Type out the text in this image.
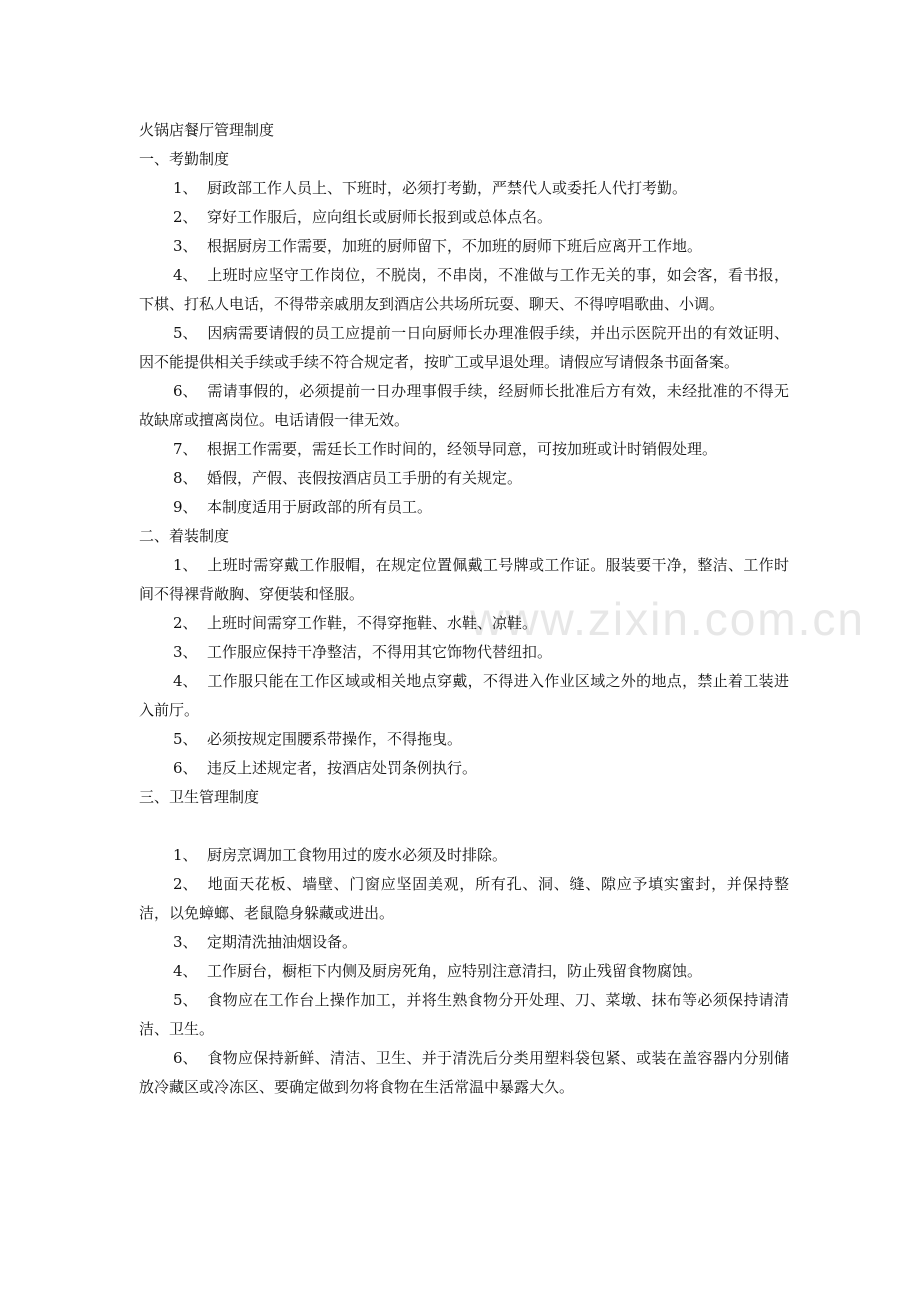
www.zixin.com.cn

火锅店餐厅管理制度

一、考勤制度

1、 厨政部工作人员上、下班时，必须打考勤，严禁代人或委托人代打考勤。

2、 穿好工作服后，应向组长或厨师长报到或总体点名。

3、 根据厨房工作需要，加班的厨师留下，不加班的厨师下班后应离开工作地。

4、 上班时应坚守工作岗位，不脱岗，不串岗，不准做与工作无关的事，如会客，看书报，下棋、打私人电话，不得带亲戚朋友到酒店公共场所玩耍、聊天、不得哼唱歌曲、小调。

5、 因病需要请假的员工应提前一日向厨师长办理准假手续，并出示医院开出的有效证明、因不能提供相关手续或手续不符合规定者，按旷工或早退处理。请假应写请假条书面备案。

6、 需请事假的，必须提前一日办理事假手续，经厨师长批准后方有效，未经批准的不得无故缺席或擅离岗位。电话请假一律无效。

7、 根据工作需要，需廷长工作时间的，经领导同意，可按加班或计时销假处理。

8、 婚假，产假、丧假按酒店员工手册的有关规定。

9、 本制度适用于厨政部的所有员工。

二、着装制度

1、 上班时需穿戴工作服帽，在规定位置佩戴工号牌或工作证。服装要干净，整洁、工作时间不得裸背敞胸、穿便装和怪服。

2、 上班时间需穿工作鞋，不得穿拖鞋、水鞋、凉鞋。

3、 工作服应保持干净整洁，不得用其它饰物代替纽扣。

4、 工作服只能在工作区域或相关地点穿戴，不得进入作业区域之外的地点，禁止着工装进入前厅。

5、 必须按规定围腰系带操作，不得拖曳。

6、 违反上述规定者，按酒店处罚条例执行。

三、卫生管理制度

1、 厨房烹调加工食物用过的废水必须及时排除。

2、 地面天花板、墙壁、门窗应坚固美观，所有孔、洞、缝、隙应予填实蜜封，并保持整洁，以免蟑螂、老鼠隐身躲藏或进出。

3、 定期清洗抽油烟设备。

4、 工作厨台，橱柜下内侧及厨房死角，应特别注意清扫，防止残留食物腐蚀。

5、 食物应在工作台上操作加工，并将生熟食物分开处理、刀、菜墩、抹布等必须保持请清洁、卫生。

6、 食物应保持新鲜、清洁、卫生、并于清洗后分类用塑料袋包紧、或装在盖容器内分别储放冷藏区或冷冻区、要确定做到勿将食物在生活常温中暴露大久。
